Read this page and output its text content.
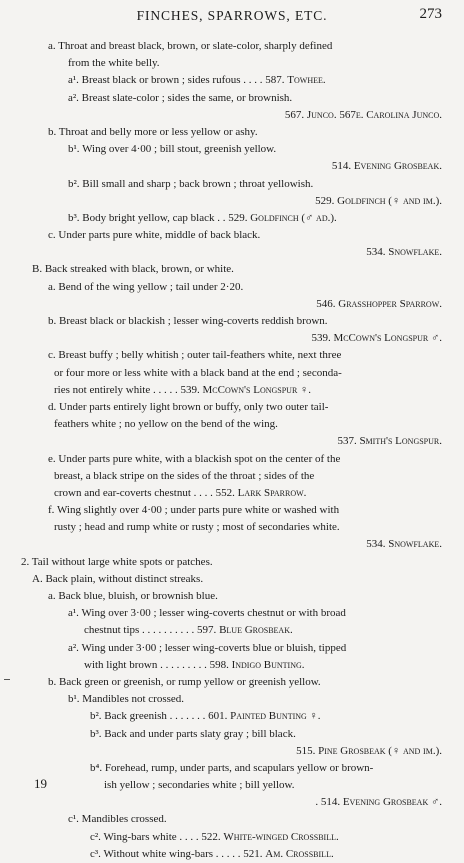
FINCHES, SPARROWS, ETC.	273
a. Throat and breast black, brown, or slate-color, sharply defined
from the white belly.
a¹. Breast black or brown ; sides rufous . . . . 587. Towhee.
a². Breast slate-color ; sides the same, or brownish.
567. Junco. 567e. Carolina Junco.
b. Throat and belly more or less yellow or ashy.
b¹. Wing over 4·00 ; bill stout, greenish yellow.
514. Evening Grosbeak.
b². Bill small and sharp ; back brown ; throat yellowish.
529. Goldfinch (♀ and im.).
b³. Body bright yellow, cap black . . 529. Goldfinch (♂ ad.).
c. Under parts pure white, middle of back black.
534. Snowflake.
B. Back streaked with black, brown, or white.
a. Bend of the wing yellow ; tail under 2·20.
546. Grasshopper Sparrow.
b. Breast black or blackish ; lesser wing-coverts reddish brown.
539. McCown's Longspur ♂.
c. Breast buffy ; belly whitish ; outer tail-feathers white, next three
or four more or less white with a black band at the end ; seconda-
ries not entirely white . . . . . 539. McCown's Longspur ♀.
d. Under parts entirely light brown or buffy, only two outer tail-
feathers white ; no yellow on the bend of the wing.
537. Smith's Longspur.
e. Under parts pure white, with a blackish spot on the center of the
breast, a black stripe on the sides of the throat ; sides of the
crown and ear-coverts chestnut . . . . 552. Lark Sparrow.
f. Wing slightly over 4·00 ; under parts pure white or washed with
rusty ; head and rump white or rusty ; most of secondaries white.
534. Snowflake.
2. Tail without large white spots or patches.
A. Back plain, without distinct streaks.
a. Back blue, bluish, or brownish blue.
a¹. Wing over 3·00 ; lesser wing-coverts chestnut or with broad
chestnut tips . . . . . . . . . . 597. Blue Grosbeak.
a². Wing under 3·00 ; lesser wing-coverts blue or bluish, tipped
with light brown . . . . . . . . . 598. Indigo Bunting.
b. Back green or greenish, or rump yellow or greenish yellow.
b¹. Mandibles not crossed.
b². Back greenish . . . . . . . 601. Painted Bunting ♀.
b³. Back and under parts slaty gray ; bill black.
515. Pine Grosbeak (♀ and im.).
b⁴. Forehead, rump, under parts, and scapulars yellow or brown-
ish yellow ; secondaries white ; bill yellow.
. 514. Evening Grosbeak ♂.
c¹. Mandibles crossed.
c². Wing-bars white . . . . 522. White-winged Crossbill.
c³. Without white wing-bars . . . . . 521. Am. Crossbill.
19
